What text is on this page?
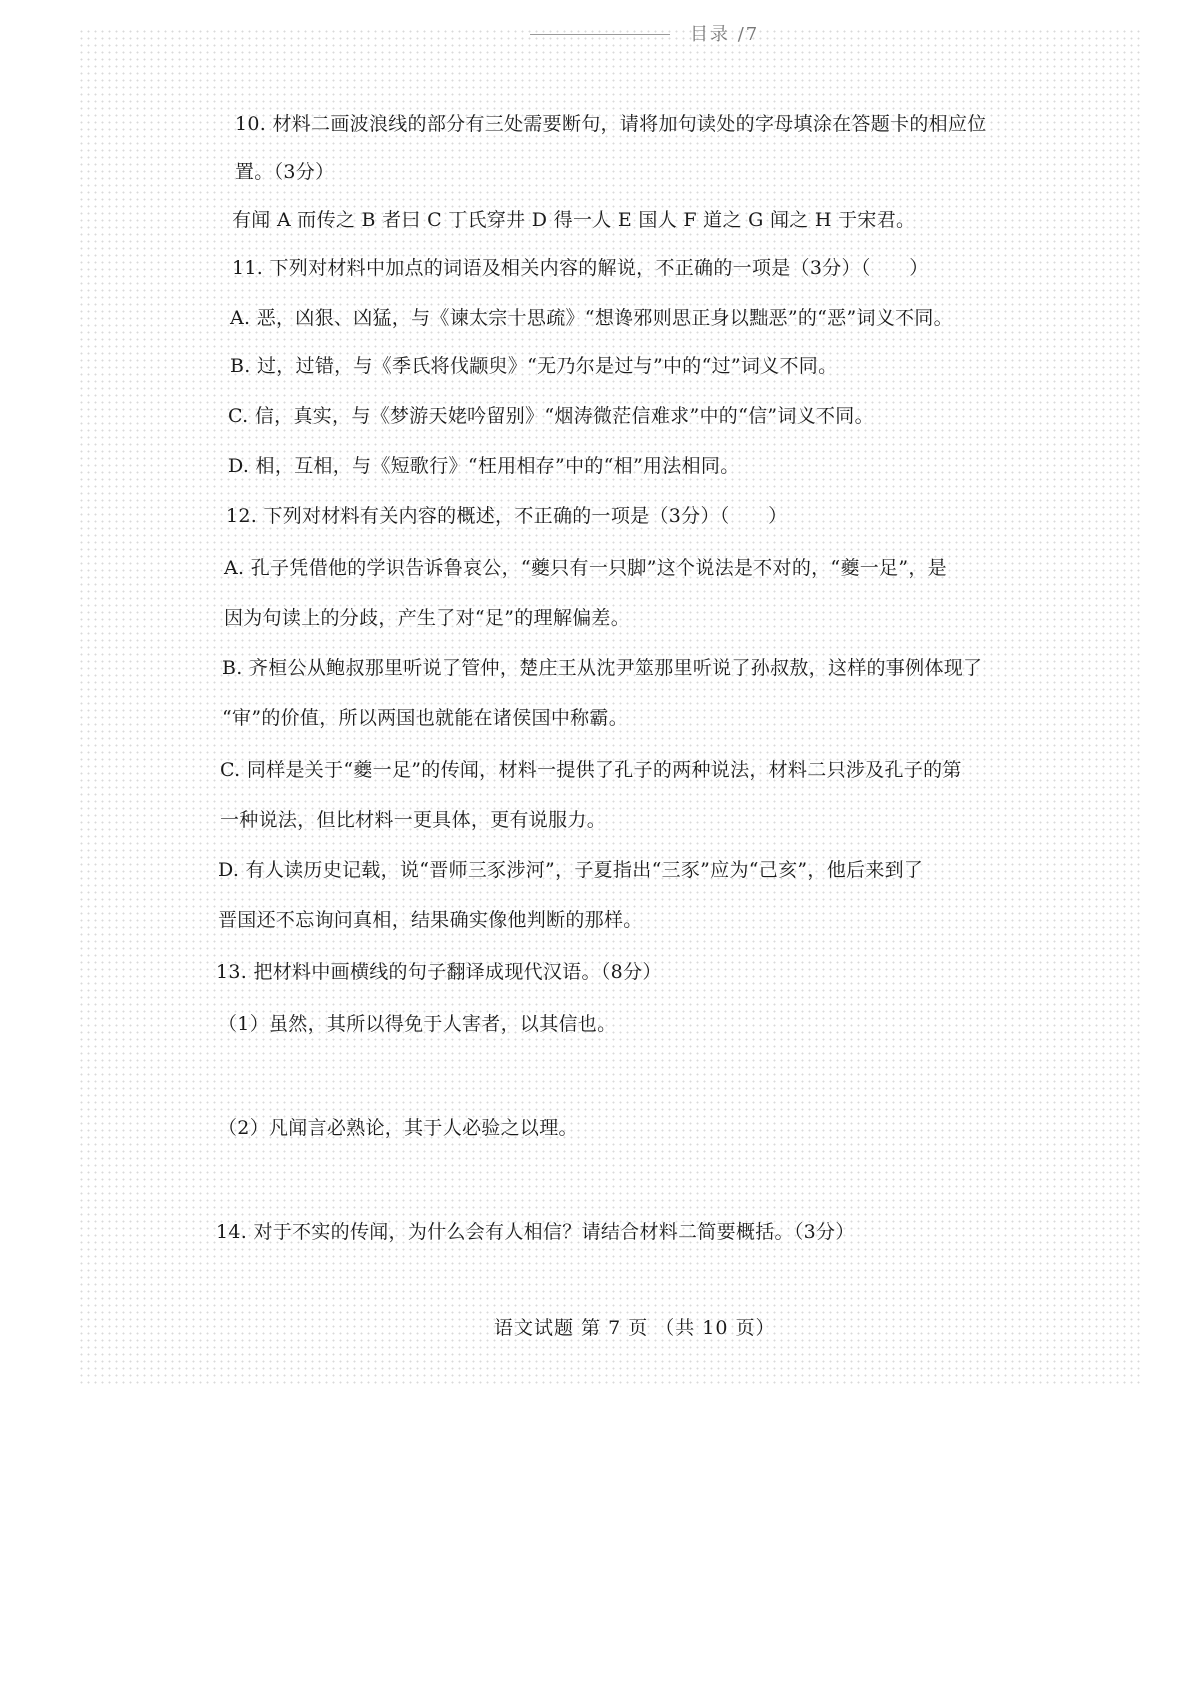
目录 /7
10. 材料二画波浪线的部分有三处需要断句，请将加句读处的字母填涂在答题卡的相应位
置。（3分）
有闻 A 而传之 B 者曰 C 丁氏穿井 D 得一人 E 国人 F 道之 G 闻之 H 于宋君。
11. 下列对材料中加点的词语及相关内容的解说，不正确的一项是（3分）（　　）
A. 恶，凶狠、凶猛，与《谏太宗十思疏》“想谗邪则思正身以黜恶”的“恶”词义不同。
B. 过，过错，与《季氏将伐颛臾》“无乃尔是过与”中的“过”词义不同。
C. 信，真实，与《梦游天姥吟留别》“烟涛微茫信难求”中的“信”词义不同。
D. 相，互相，与《短歌行》“枉用相存”中的“相”用法相同。
12. 下列对材料有关内容的概述，不正确的一项是（3分）（　　）
A. 孔子凭借他的学识告诉鲁哀公，“夔只有一只脚”这个说法是不对的，“夔一足”，是
因为句读上的分歧，产生了对“足”的理解偏差。
B. 齐桓公从鲍叔那里听说了管仲，楚庄王从沈尹筮那里听说了孙叔敖，这样的事例体现了
“审”的价值，所以两国也就能在诸侯国中称霸。
C. 同样是关于“夔一足”的传闻，材料一提供了孔子的两种说法，材料二只涉及孔子的第
一种说法，但比材料一更具体，更有说服力。
D. 有人读历史记载，说“晋师三豕涉河”，子夏指出“三豕”应为“己亥”，他后来到了
晋国还不忘询问真相，结果确实像他判断的那样。
13. 把材料中画横线的句子翻译成现代汉语。（8分）
（1）虽然，其所以得免于人害者，以其信也。
（2）凡闻言必熟论，其于人必验之以理。
14. 对于不实的传闻，为什么会有人相信？请结合材料二简要概括。（3分）
语文试题 第 7 页 （共 10 页）
